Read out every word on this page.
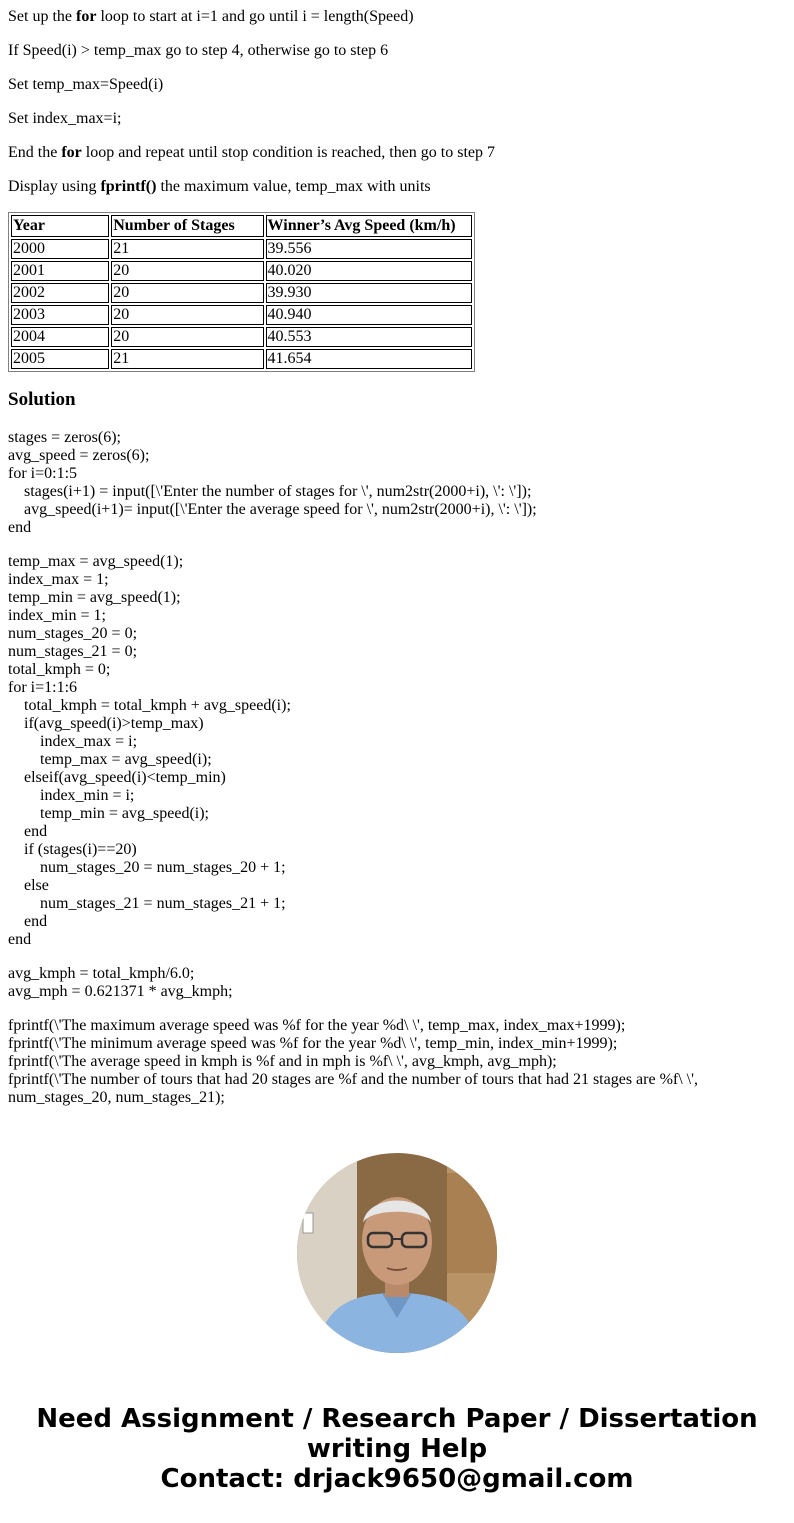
Set up the for loop to start at i=1 and go until i = length(Speed)

If Speed(i) > temp_max go to step 4, otherwise go to step 6

Set temp_max=Speed(i)

Set index_max=i;

End the for loop and repeat until stop condition is reached, then go to step 7

Display using fprintf() the maximum value, temp_max with units

Year	Number of Stages	Winner’s Avg Speed (km/h)
2000	21	39.556
2001	20	40.020
2002	20	39.930
2003	20	40.940
2004	20	40.553
2005	21	41.654
Solution
stages = zeros(6);
avg_speed = zeros(6);
for i=0:1:5
stages(i+1) = input([\'Enter the number of stages for \', num2str(2000+i), \': \']);
avg_speed(i+1)= input([\'Enter the average speed for \', num2str(2000+i), \': \']);
end
temp_max = avg_speed(1);
index_max = 1;
temp_min = avg_speed(1);
index_min = 1;
num_stages_20 = 0;
num_stages_21 = 0;
total_kmph = 0;
for i=1:1:6
total_kmph = total_kmph + avg_speed(i);
if(avg_speed(i)>temp_max)
index_max = i;
temp_max = avg_speed(i);
elseif(avg_speed(i)<temp_min)
index_min = i;
temp_min = avg_speed(i);
end
if (stages(i)==20)
num_stages_20 = num_stages_20 + 1;
else
num_stages_21 = num_stages_21 + 1;
end
end
avg_kmph = total_kmph/6.0;
avg_mph = 0.621371 * avg_kmph;
fprintf(\'The maximum average speed was %f for the year %d\ \', temp_max, index_max+1999);
fprintf(\'The minimum average speed was %f for the year %d\ \', temp_min, index_min+1999);
fprintf(\'The average speed in kmph is %f and in mph is %f\ \', avg_kmph, avg_mph);
fprintf(\'The number of tours that had 20 stages are %f and the number of tours that had 21 stages are %f\ \',
num_stages_20, num_stages_21);
Need Assignment / Research Paper / Dissertation
writing Help
Contact: drjack9650@gmail.com
